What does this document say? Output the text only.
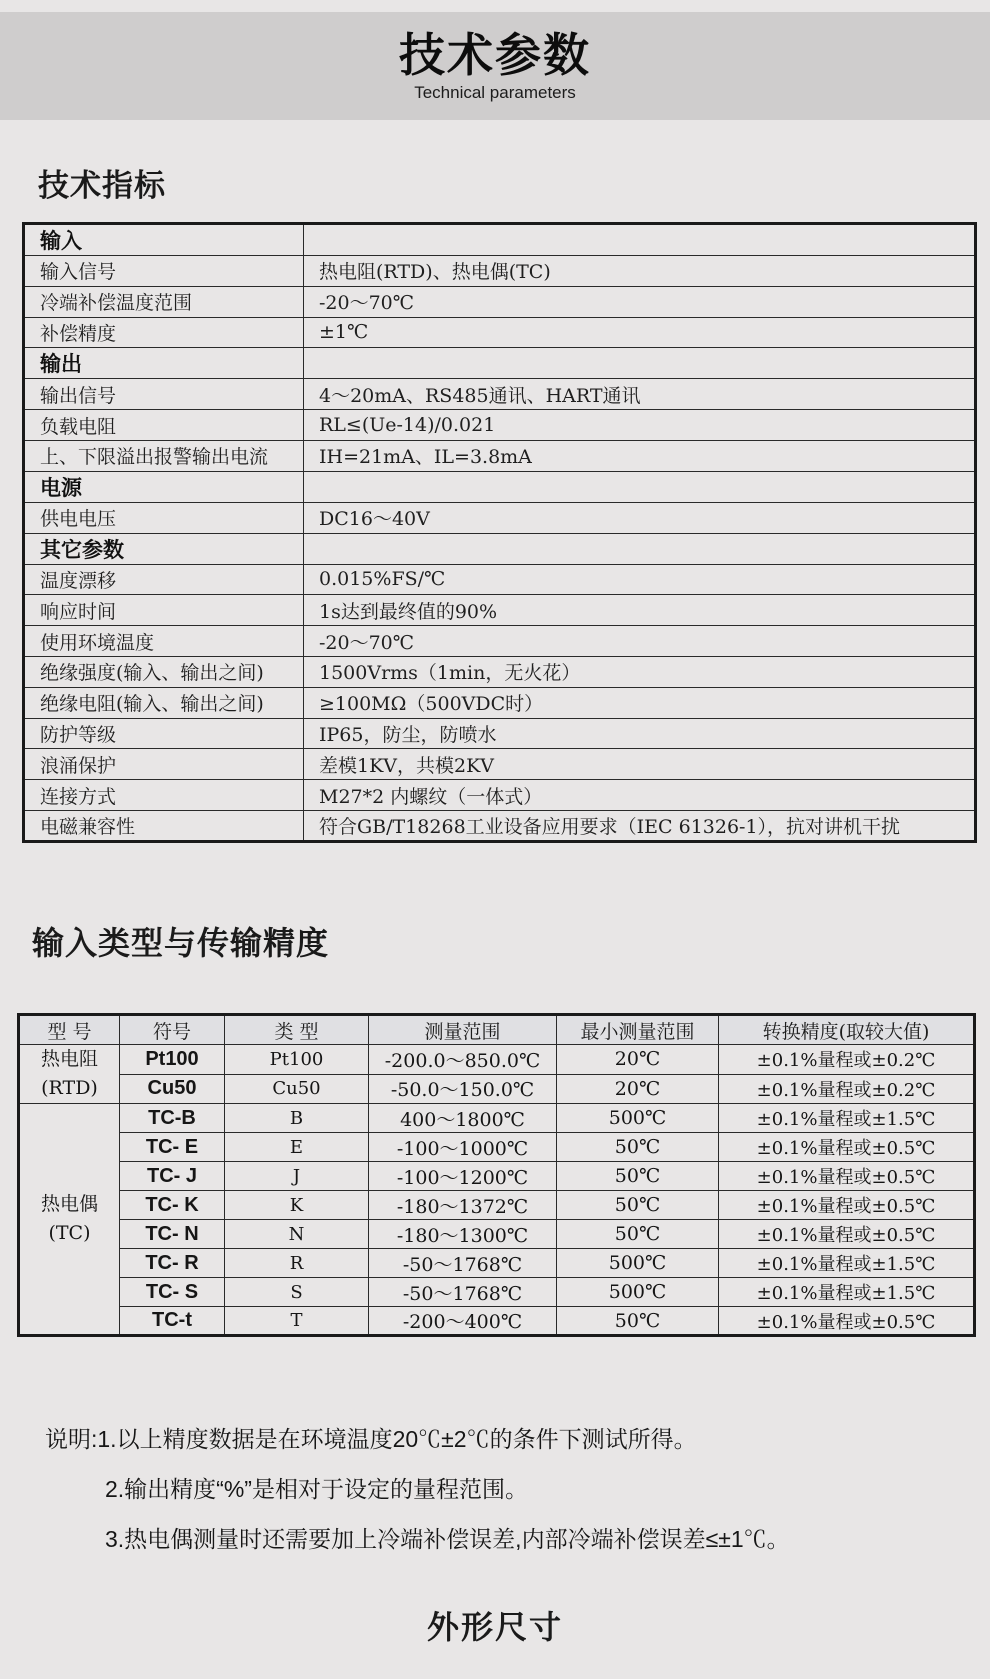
技术参数
Technical parameters
技术指标
输入	
输入信号	热电阻(RTD)、热电偶(TC)
冷端补偿温度范围	-20～70℃
补偿精度	±1℃
输出	
输出信号	4～20mA、RS485通讯、HART通讯
负载电阻	RL≤(Ue-14)/0.021
上、下限溢出报警输出电流	IH=21mA、IL=3.8mA
电源	
供电电压	DC16～40V
其它参数	
温度漂移	0.015%FS/℃
响应时间	1s达到最终值的90%
使用环境温度	-20～70℃
绝缘强度(输入、输出之间)	1500Vrms（1min，无火花）
绝缘电阻(输入、输出之间)	≥100MΩ（500VDC时）
防护等级	IP65，防尘，防喷水
浪涌保护	差模1KV，共模2KV
连接方式	M27*2 内螺纹（一体式）
电磁兼容性	符合GB/T18268工业设备应用要求（IEC 61326-1），抗对讲机干扰
输入类型与传输精度
型 号	符号	类 型	测量范围	最小测量范围	转换精度(取较大值)

热电阻
(RTD)	Pt100	Pt100	-200.0～850.0℃	20℃	±0.1%量程或±0.2℃
	Cu50	Cu50	-50.0～150.0℃	20℃	±0.1%量程或±0.2℃

热电偶
(TC)	TC-B	B	400～1800℃	500℃	±0.1%量程或±1.5℃
	TC- E	E	-100～1000℃	50℃	±0.1%量程或±0.5℃
	TC- J	J	-100～1200℃	50℃	±0.1%量程或±0.5℃
	TC- K	K	-180～1372℃	50℃	±0.1%量程或±0.5℃
	TC- N	N	-180～1300℃	50℃	±0.1%量程或±0.5℃
	TC- R	R	-50～1768℃	500℃	±0.1%量程或±1.5℃
	TC- S	S	-50～1768℃	500℃	±0.1%量程或±1.5℃
	TC-t	T	-200～400℃	50℃	±0.1%量程或±0.5℃
说明:1.以上精度数据是在环境温度20℃±2℃的条件下测试所得。
2.输出精度“%”是相对于设定的量程范围。
3.热电偶测量时还需要加上冷端补偿误差,内部冷端补偿误差≤±1℃。
外形尺寸
